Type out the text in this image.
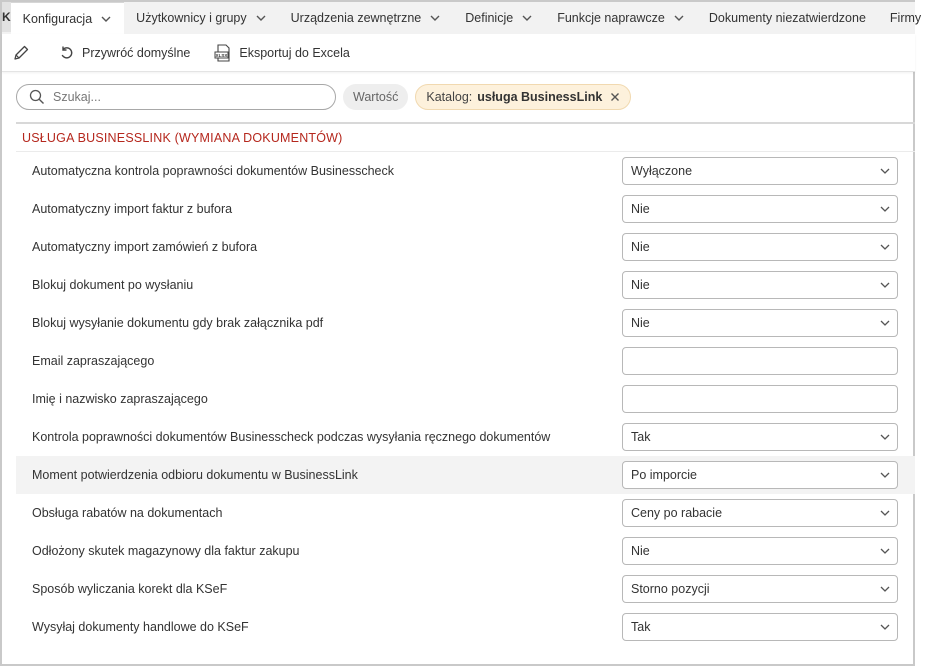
K Konfiguracja	Użytkownicy i grupy	Urządzenia zewnętrzne	Definicje	Funkcje naprawcze	Dokumenty niezatwierdzone Firmy
Przywróć domyślne	XLSX Eksportuj do Excela
Szukaj...
Wartość	Katalog: usługa BusinessLink
USŁUGA BUSINESSLINK (WYMIANA DOKUMENTÓW)
Automatyczna kontrola poprawności dokumentów Businesscheck	Wyłączone
Automatyczny import faktur z bufora	Nie
Automatyczny import zamówień z bufora	Nie
Blokuj dokument po wysłaniu	Nie
Blokuj wysyłanie dokumentu gdy brak załącznika pdf	Nie
Email zapraszającego
Imię i nazwisko zapraszającego
Kontrola poprawności dokumentów Businesscheck podczas wysyłania ręcznego dokumentów	Tak
Moment potwierdzenia odbioru dokumentu w BusinessLink	Po imporcie
Obsługa rabatów na dokumentach	Ceny po rabacie
Odłożony skutek magazynowy dla faktur zakupu	Nie
Sposób wyliczania korekt dla KSeF	Storno pozycji
Wysyłaj dokumenty handlowe do KSeF	Tak
